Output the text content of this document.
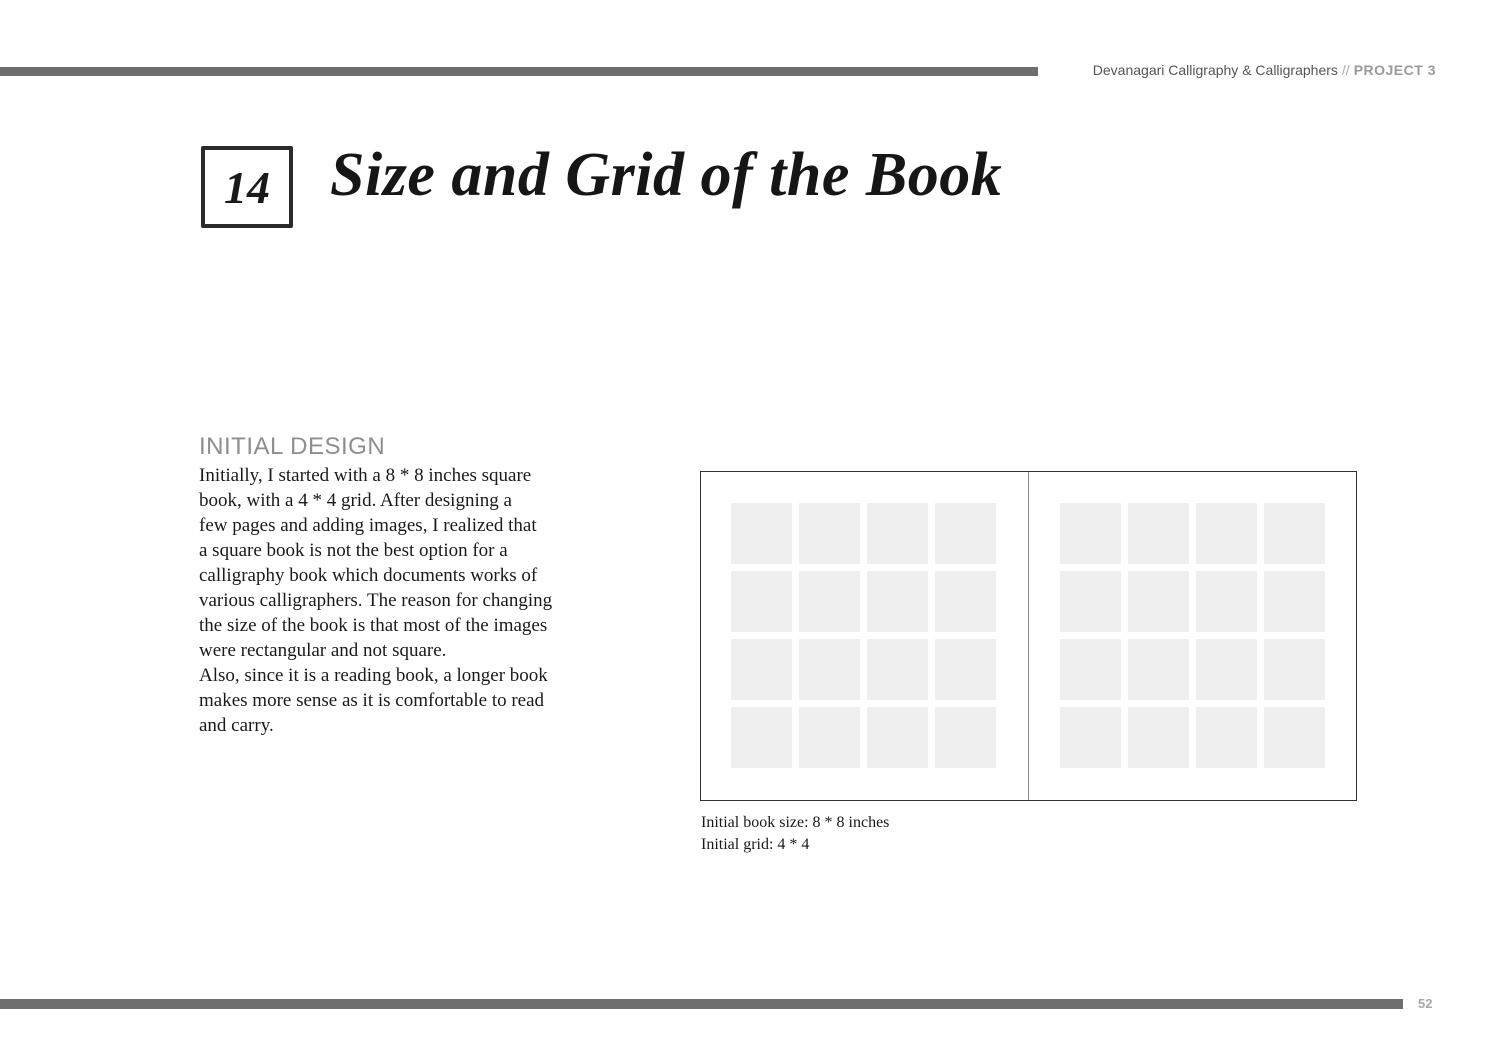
Devanagari Calligraphy & Calligraphers // PROJECT 3
14 Size and Grid of the Book
INITIAL DESIGN

Initially, I started with a 8 * 8 inches square

book, with a 4 * 4 grid. After designing a

few pages and adding images, I realized that

a square book is not the best option for a

calligraphy book which documents works of

various calligraphers. The reason for changing

the size of the book is that most of the images

were rectangular and not square.

Also, since it is a reading book, a longer book

makes more sense as it is comfortable to read

and carry.

Initial book size: 8 * 8 inches
Initial grid: 4 * 4
52
